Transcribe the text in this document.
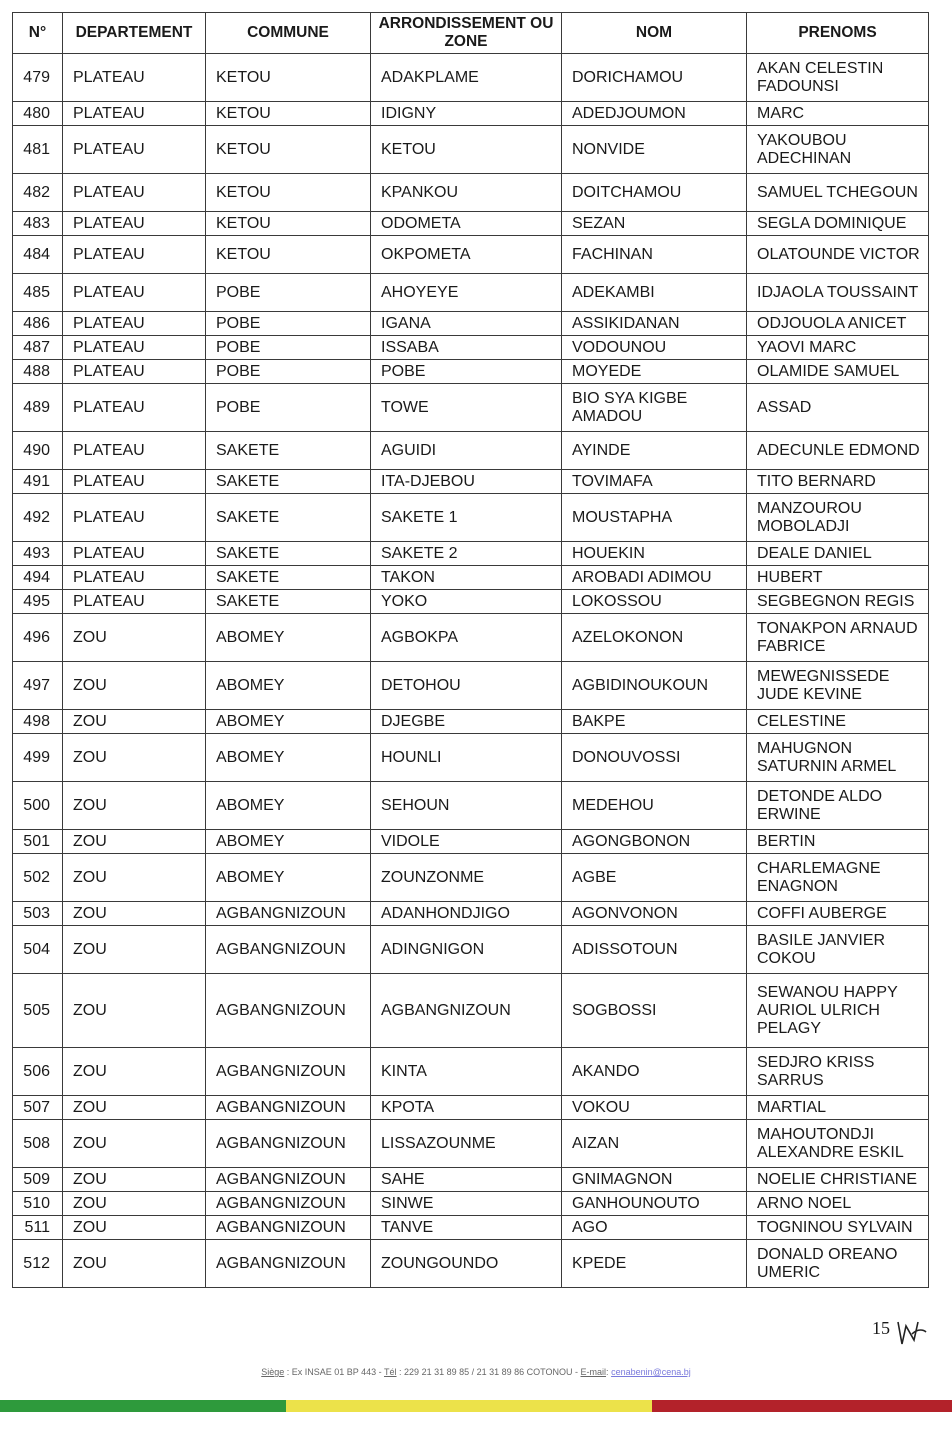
N°	DEPARTEMENT	COMMUNE	ARRONDISSEMENT OU ZONE	NOM	PRENOMS
479	PLATEAU	KETOU	ADAKPLAME	DORICHAMOU	AKAN CELESTIN FADOUNSI
480	PLATEAU	KETOU	IDIGNY	ADEDJOUMON	MARC
481	PLATEAU	KETOU	KETOU	NONVIDE	YAKOUBOU ADECHINAN
482	PLATEAU	KETOU	KPANKOU	DOITCHAMOU	SAMUEL TCHEGOUN
483	PLATEAU	KETOU	ODOMETA	SEZAN	SEGLA DOMINIQUE
484	PLATEAU	KETOU	OKPOMETA	FACHINAN	OLATOUNDE VICTOR
485	PLATEAU	POBE	AHOYEYE	ADEKAMBI	IDJAOLA TOUSSAINT
486	PLATEAU	POBE	IGANA	ASSIKIDANAN	ODJOUOLA ANICET
487	PLATEAU	POBE	ISSABA	VODOUNOU	YAOVI MARC
488	PLATEAU	POBE	POBE	MOYEDE	OLAMIDE SAMUEL
489	PLATEAU	POBE	TOWE	BIO SYA KIGBE AMADOU	ASSAD
490	PLATEAU	SAKETE	AGUIDI	AYINDE	ADECUNLE EDMOND
491	PLATEAU	SAKETE	ITA-DJEBOU	TOVIMAFA	TITO BERNARD
492	PLATEAU	SAKETE	SAKETE 1	MOUSTAPHA	MANZOUROU MOBOLADJI
493	PLATEAU	SAKETE	SAKETE 2	HOUEKIN	DEALE DANIEL
494	PLATEAU	SAKETE	TAKON	AROBADI ADIMOU	HUBERT
495	PLATEAU	SAKETE	YOKO	LOKOSSOU	SEGBEGNON REGIS
496	ZOU	ABOMEY	AGBOKPA	AZELOKONON	TONAKPON ARNAUD FABRICE
497	ZOU	ABOMEY	DETOHOU	AGBIDINOUKOUN	MEWEGNISSEDE JUDE KEVINE
498	ZOU	ABOMEY	DJEGBE	BAKPE	CELESTINE
499	ZOU	ABOMEY	HOUNLI	DONOUVOSSI	MAHUGNON SATURNIN ARMEL
500	ZOU	ABOMEY	SEHOUN	MEDEHOU	DETONDE ALDO ERWINE
501	ZOU	ABOMEY	VIDOLE	AGONGBONON	BERTIN
502	ZOU	ABOMEY	ZOUNZONME	AGBE	CHARLEMAGNE ENAGNON
503	ZOU	AGBANGNIZOUN	ADANHONDJIGO	AGONVONON	COFFI AUBERGE
504	ZOU	AGBANGNIZOUN	ADINGNIGON	ADISSOTOUN	BASILE JANVIER COKOU
505	ZOU	AGBANGNIZOUN	AGBANGNIZOUN	SOGBOSSI	SEWANOU HAPPY AURIOL ULRICH PELAGY
506	ZOU	AGBANGNIZOUN	KINTA	AKANDO	SEDJRO KRISS SARRUS
507	ZOU	AGBANGNIZOUN	KPOTA	VOKOU	MARTIAL
508	ZOU	AGBANGNIZOUN	LISSAZOUNME	AIZAN	MAHOUTONDJI ALEXANDRE ESKIL
509	ZOU	AGBANGNIZOUN	SAHE	GNIMAGNON	NOELIE CHRISTIANE
510	ZOU	AGBANGNIZOUN	SINWE	GANHOUNOUTO	ARNO NOEL
511	ZOU	AGBANGNIZOUN	TANVE	AGO	TOGNINOU SYLVAIN
512	ZOU	AGBANGNIZOUN	ZOUNGOUNDO	KPEDE	DONALD OREANO UMERIC
15
Siège : Ex INSAE 01 BP 443 - Tél : 229 21 31 89 85 / 21 31 89 86 COTONOU - E-mail: cenabenin@cena.bj
